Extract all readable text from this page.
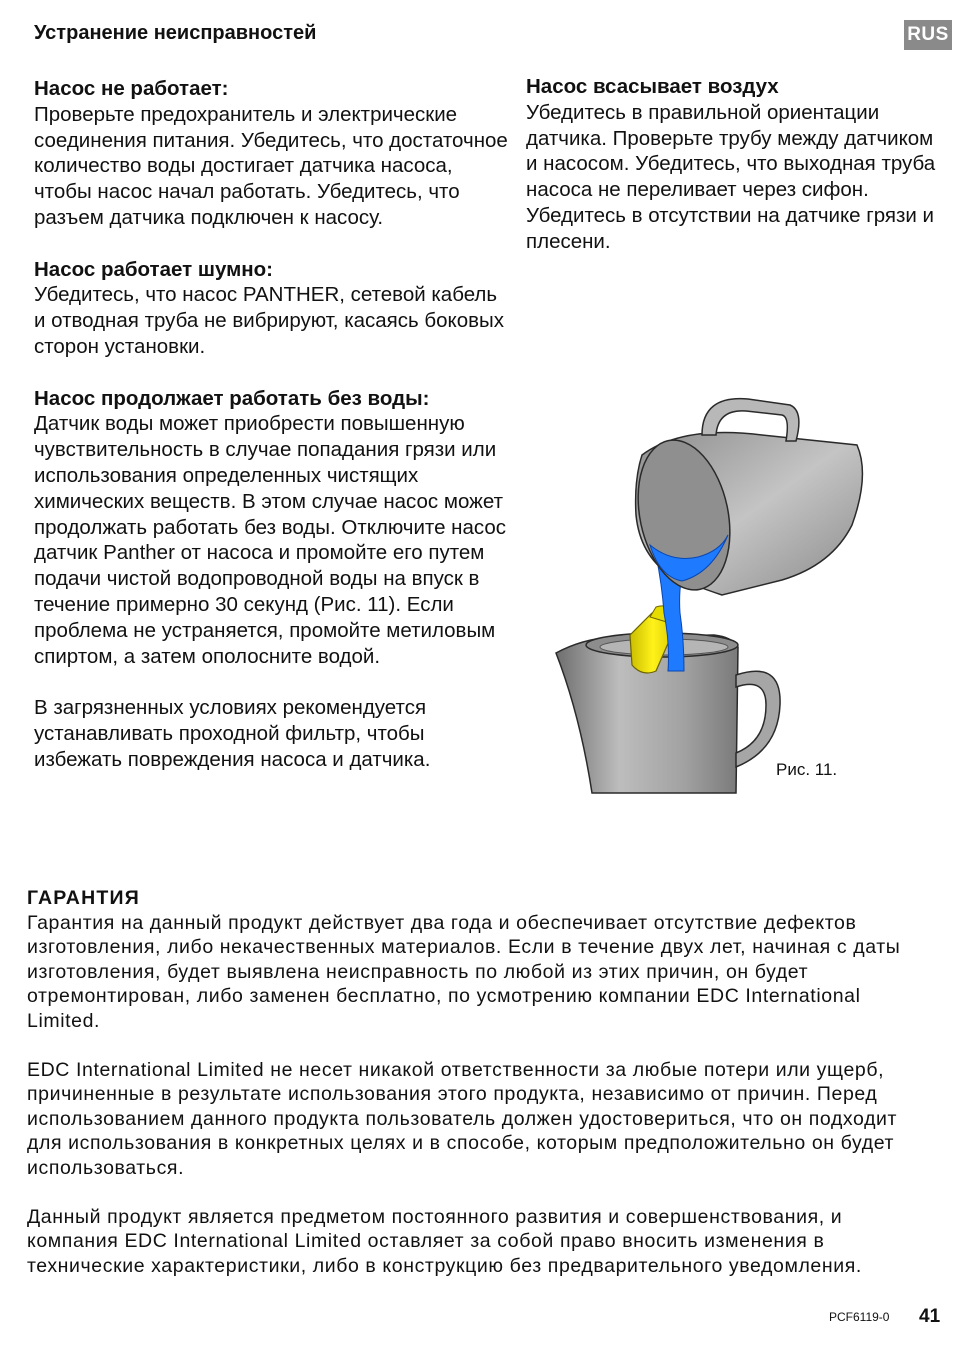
Устранение неисправностей	RUS
Насос не работает:

Проверьте предохранитель и электрические соединения питания. Убедитесь, что достаточное количество воды достигает датчика насоса, чтобы насос начал работать. Убедитесь, что разъем датчика подключен к насосу.

Насос работает шумно:

Убедитесь, что насос PANTHER, сетевой кабель и отводная труба не вибрируют, касаясь боковых сторон установки.

Насос продолжает работать без воды:

Датчик воды может приобрести повышенную чувствительность в случае попадания грязи или использования определенных чистящих химических веществ. В этом случае насос может продолжать работать без воды. Отключите насос датчик Panther от насоса и промойте его путем подачи чистой водопроводной воды на впуск в течение примерно 30 секунд (Рис. 11). Если проблема не устраняется, промойте метиловым спиртом, а затем ополосните водой.

В загрязненных условиях рекомендуется устанавливать проходной фильтр, чтобы избежать повреждения насоса и датчика.

Насос всасывает воздух

Убедитесь в правильной ориентации датчика. Проверьте трубу между датчиком и насосом. Убедитесь, что выходная труба насоса не переливает через сифон. Убедитесь в отсутствии на датчике грязи и плесени.

Рис. 11.
ГАРАНТИЯ

Гарантия на данный продукт действует два года и обеспечивает отсутствие дефектов изготовления, либо некачественных материалов. Если в течение двух лет, начиная с даты изготовления, будет выявлена неисправность по любой из этих причин, он будет отремонтирован, либо заменен бесплатно, по усмотрению компании EDC International Limited.

EDC International Limited не несет никакой ответственности за любые потери или ущерб, причиненные в результате использования этого продукта, независимо от причин. Перед использованием данного продукта пользователь должен удостовериться, что он подходит для использования в конкретных целях и в способе, которым предположительно он будет использоваться.

Данный продукт является предметом постоянного развития и совершенствования, и компания EDC International Limited оставляет за собой право вносить изменения в технические характеристики, либо в конструкцию без предварительного уведомления.

PCF6119-0 41
